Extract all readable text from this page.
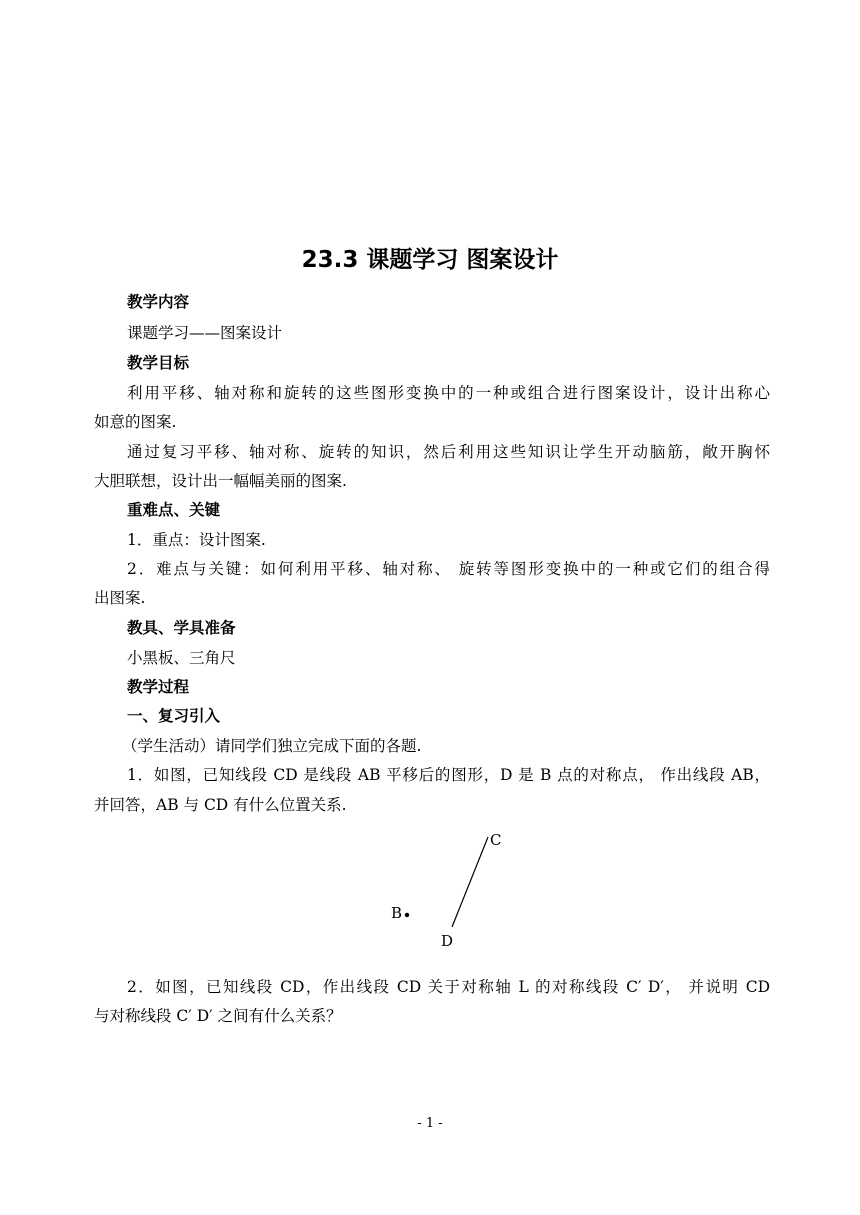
23.3 课题学习 图案设计
教学内容
课题学习——图案设计
教学目标
利用平移、轴对称和旋转的这些图形变换中的一种或组合进行图案设计，设计出称心
如意的图案.
通过复习平移、轴对称、旋转的知识，然后利用这些知识让学生开动脑筋，敞开胸怀
大胆联想，设计出一幅幅美丽的图案.
重难点、关键
1．重点：设计图案.
2．难点与关键：如何利用平移、轴对称、 旋转等图形变换中的一种或它们的组合得
出图案.
教具、学具准备
小黑板、三角尺
教学过程
一、复习引入
（学生活动）请同学们独立完成下面的各题.
1．如图，已知线段 CD 是线段 AB 平移后的图形，D 是 B 点的对称点， 作出线段 AB，
并回答，AB 与 CD 有什么位置关系.
C
B
D
2．如图，已知线段 CD，作出线段 CD 关于对称轴 L 的对称线段 C′ D′， 并说明 CD
与对称线段 C′ D′ 之间有什么关系？
- 1 -
